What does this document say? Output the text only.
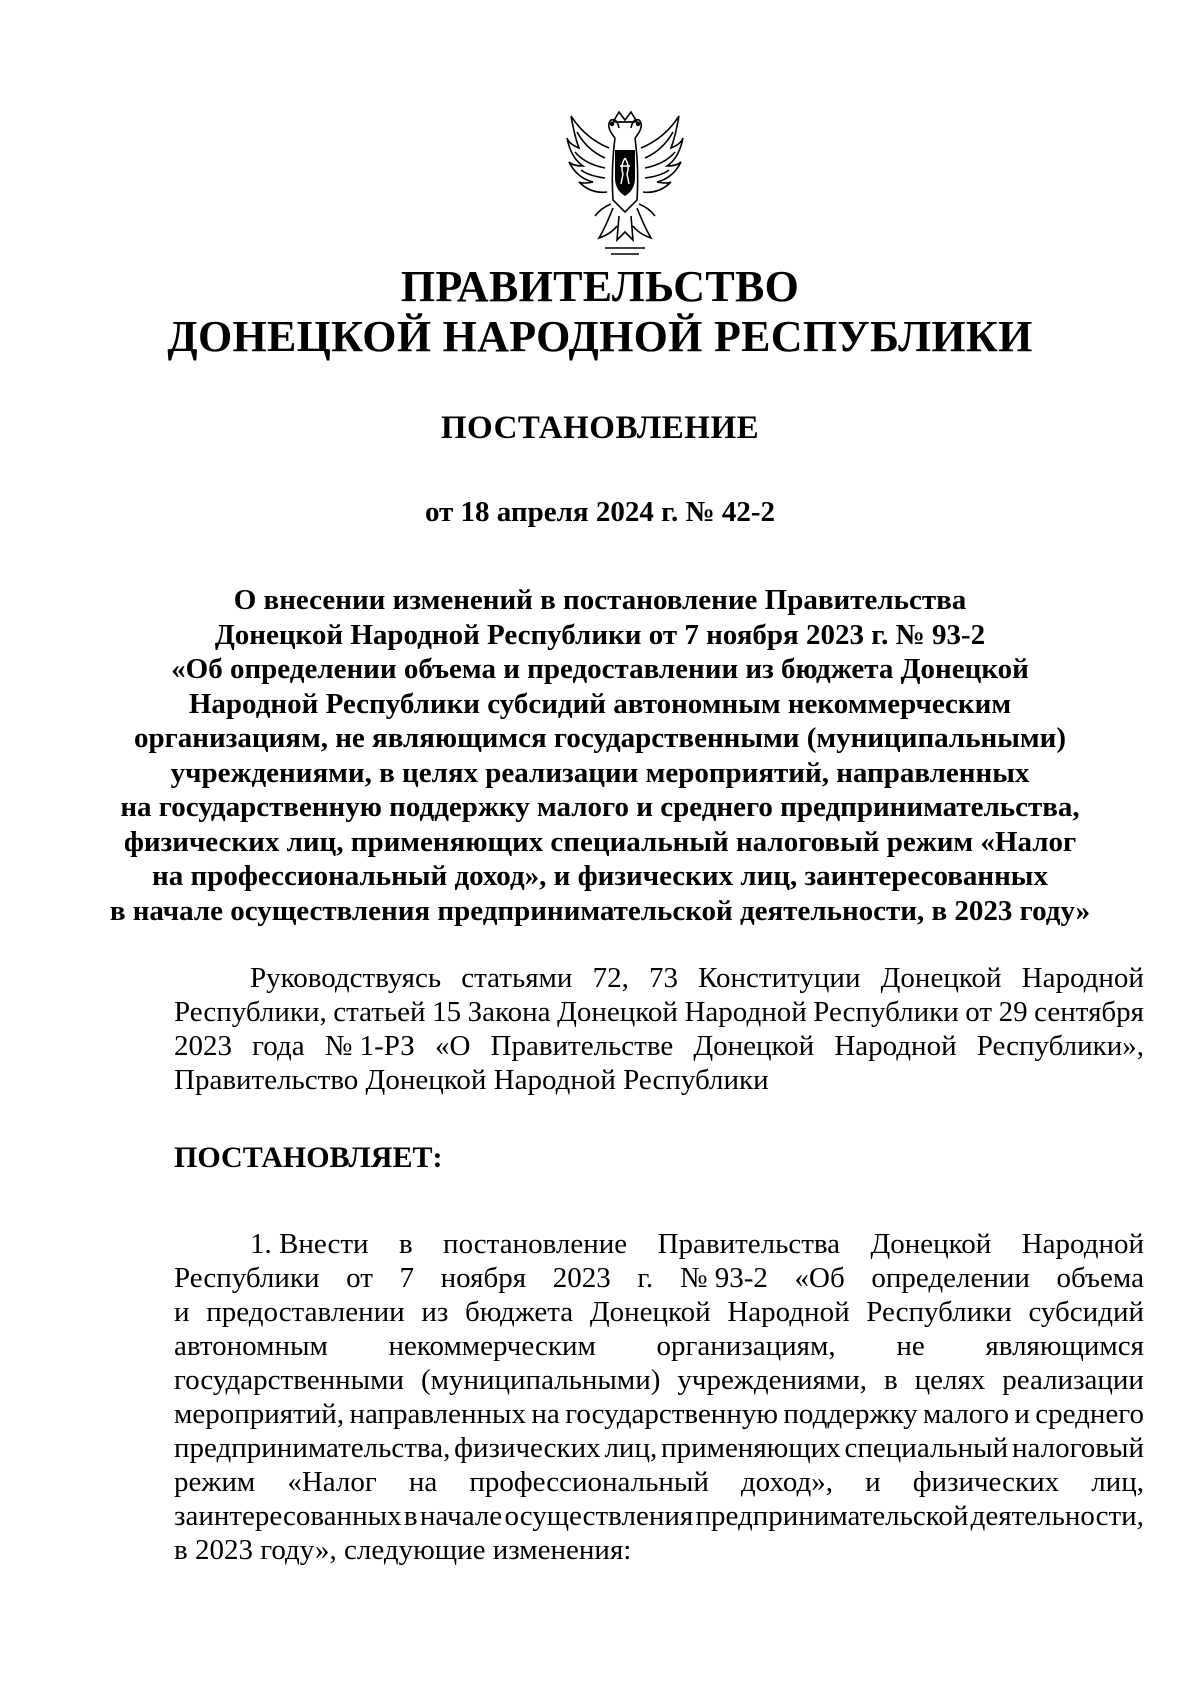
ПРАВИТЕЛЬСТВО
ДОНЕЦКОЙ НАРОДНОЙ РЕСПУБЛИКИ
ПОСТАНОВЛЕНИЕ
от 18 апреля 2024 г. № 42-2
О внесении изменений в постановление Правительства
Донецкой Народной Республики от 7 ноября 2023 г. № 93-2
«Об определении объема и предоставлении из бюджета Донецкой
Народной Республики субсидий автономным некоммерческим
организациям, не являющимся государственными (муниципальными)
учреждениями, в целях реализации мероприятий, направленных
на государственную поддержку малого и среднего предпринимательства,
физических лиц, применяющих специальный налоговый режим «Налог
на профессиональный доход», и физических лиц, заинтересованных
в начале осуществления предпринимательской деятельности, в 2023 году»
Руководствуясь статьями 72, 73 Конституции Донецкой Народной
Республики, статьей 15 Закона Донецкой Народной Республики от 29 сентября
2023 года № 1-РЗ «О Правительстве Донецкой Народной Республики»,
Правительство Донецкой Народной Республики
ПОСТАНОВЛЯЕТ:
1. Внести в постановление Правительства Донецкой Народной
Республики от 7 ноября 2023 г. № 93-2 «Об определении объема
и предоставлении из бюджета Донецкой Народной Республики субсидий
автономным некоммерческим организациям, не являющимся
государственными (муниципальными) учреждениями, в целях реализации
мероприятий, направленных на государственную поддержку малого и среднего
предпринимательства, физических лиц, применяющих специальный налоговый
режим «Налог на профессиональный доход», и физических лиц,
заинтересованных в начале осуществления предпринимательской деятельности,
в 2023 году», следующие изменения:
